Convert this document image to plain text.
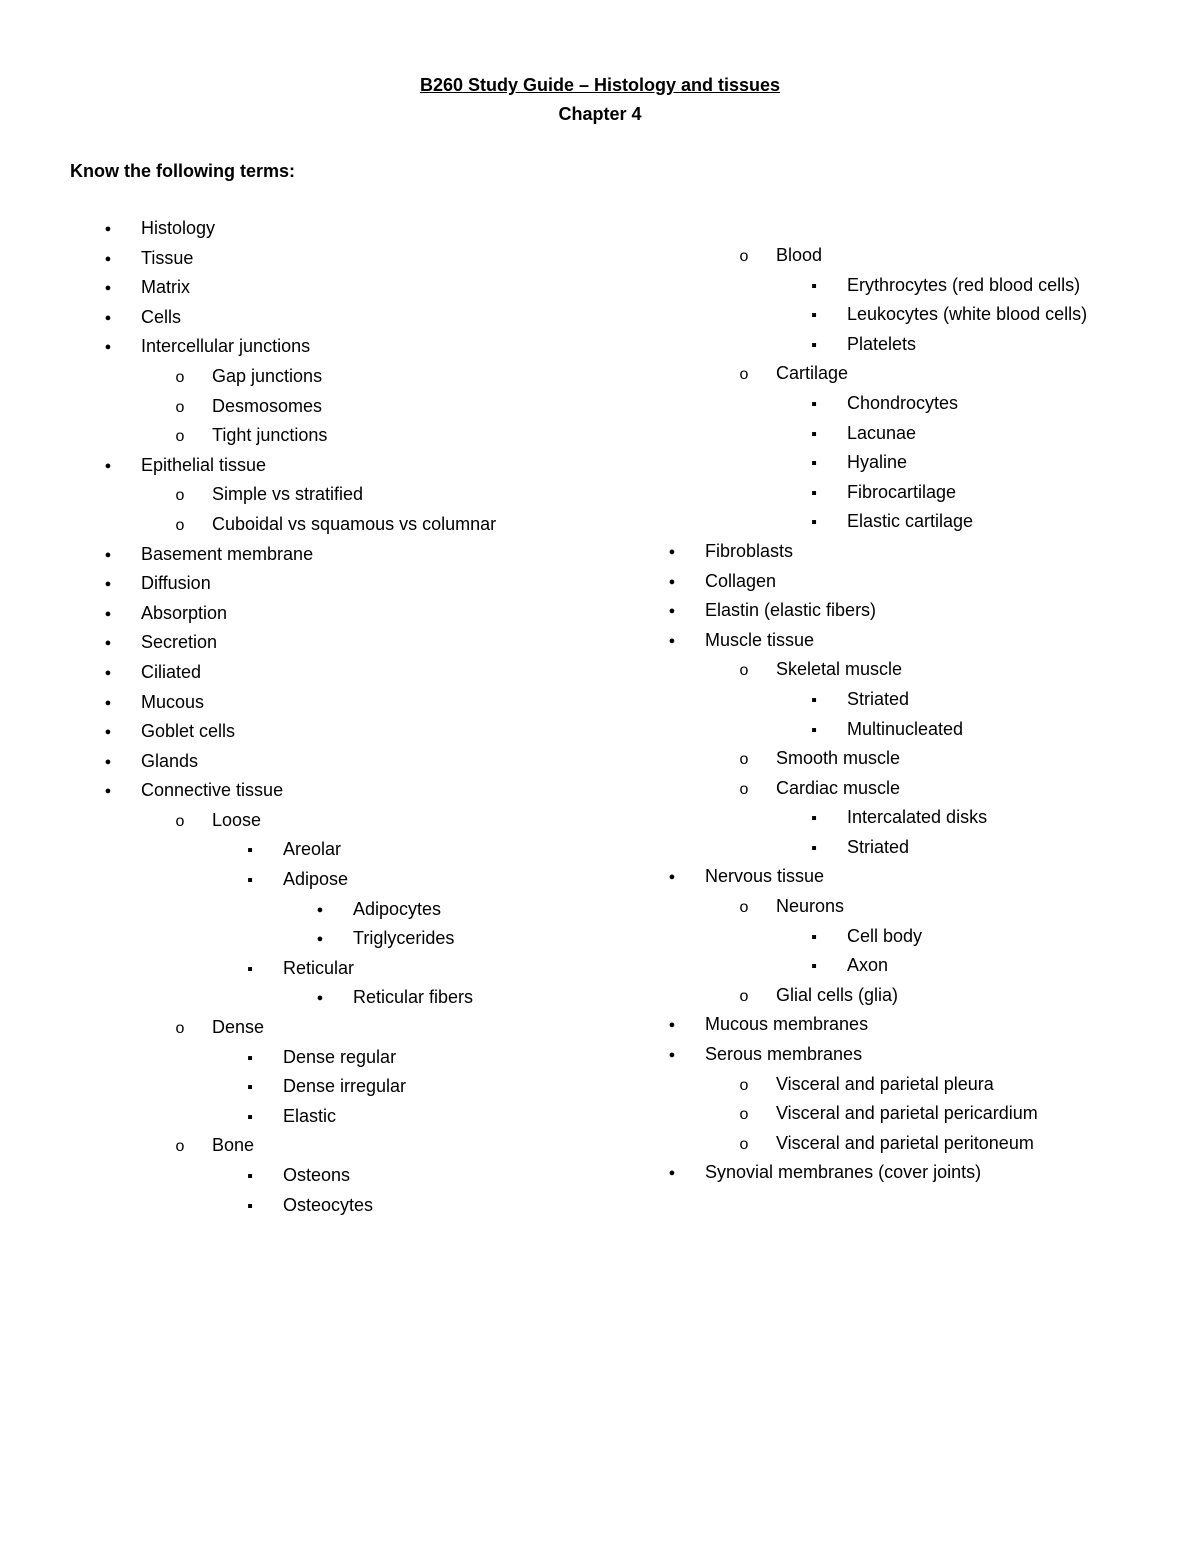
B260 Study Guide – Histology and tissues
Chapter 4

Know the following terms:

●
Histology
●
Tissue
●
Matrix
●
Cells
●
Intercellular junctions
o
Gap junctions
o
Desmosomes
o
Tight junctions
●
Epithelial tissue
o
Simple vs stratified
o
Cuboidal vs squamous vs columnar
●
Basement membrane
●
Diffusion
●
Absorption
●
Secretion
●
Ciliated
●
Mucous
●
Goblet cells
●
Glands
●
Connective tissue
o
Loose
▪
Areolar
▪
Adipose
●
Adipocytes
●
Triglycerides
▪
Reticular
●
Reticular fibers
o
Dense
▪
Dense regular
▪
Dense irregular
▪
Elastic
o
Bone
▪
Osteons
▪
Osteocytes
o
Blood
▪
Erythrocytes (red blood cells)
▪
Leukocytes (white blood cells)
▪
Platelets
o
Cartilage
▪
Chondrocytes
▪
Lacunae
▪
Hyaline
▪
Fibrocartilage
▪
Elastic cartilage
●
Fibroblasts
●
Collagen
●
Elastin (elastic fibers)
●
Muscle tissue
o
Skeletal muscle
▪
Striated
▪
Multinucleated
o
Smooth muscle
o
Cardiac muscle
▪
Intercalated disks
▪
Striated
●
Nervous tissue
o
Neurons
▪
Cell body
▪
Axon
o
Glial cells (glia)
●
Mucous membranes
●
Serous membranes
o
Visceral and parietal pleura
o
Visceral and parietal pericardium
o
Visceral and parietal peritoneum
●
Synovial membranes (cover joints)
